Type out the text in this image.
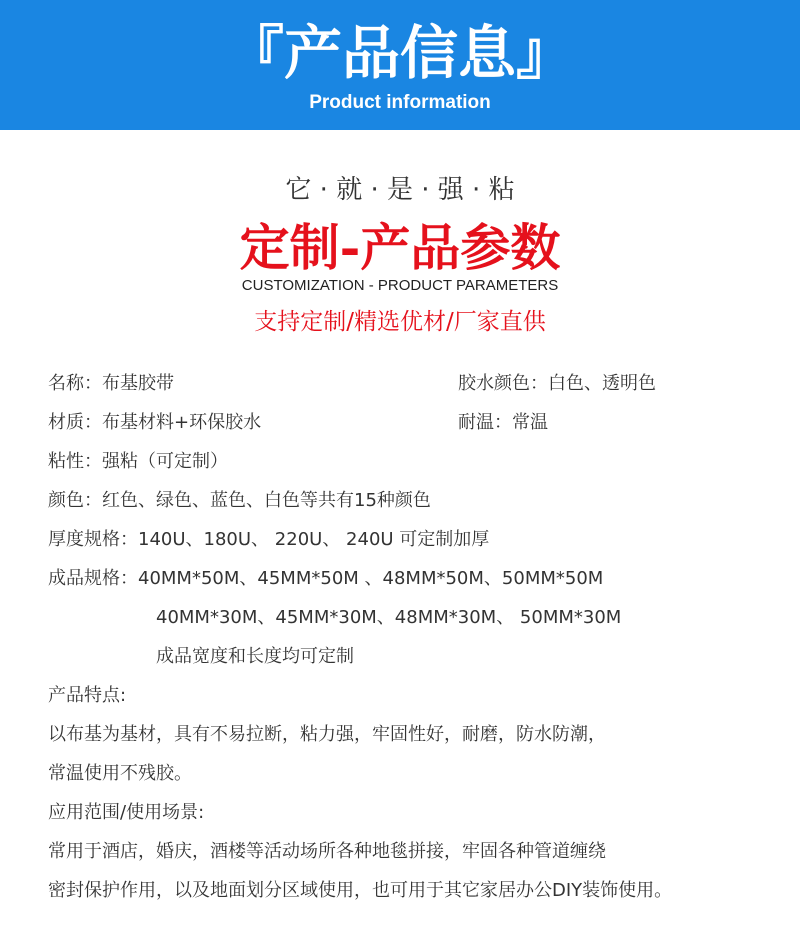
『产品信息』
Product information
它 · 就 · 是 · 强 · 粘
定制-产品参数
CUSTOMIZATION - PRODUCT PARAMETERS
支持定制/精选优材/厂家直供
名称：布基胶带	胶水颜色：白色、透明色
材质：布基材料+环保胶水	耐温：常温
粘性：强粘（可定制）
颜色：红色、绿色、蓝色、白色等共有15种颜色
厚度规格：140U、180U、 220U、 240U 可定制加厚
成品规格：40MM*50M、45MM*50M 、48MM*50M、50MM*50M
40MM*30M、45MM*30M、48MM*30M、 50MM*30M
成品宽度和长度均可定制
产品特点:
以布基为基材，具有不易拉断，粘力强，牢固性好，耐磨，防水防潮，
常温使用不残胶。
应用范围/使用场景:
常用于酒店，婚庆，酒楼等活动场所各种地毯拼接，牢固各种管道缠绕
密封保护作用，以及地面划分区域使用，也可用于其它家居办公DIY装饰使用。
